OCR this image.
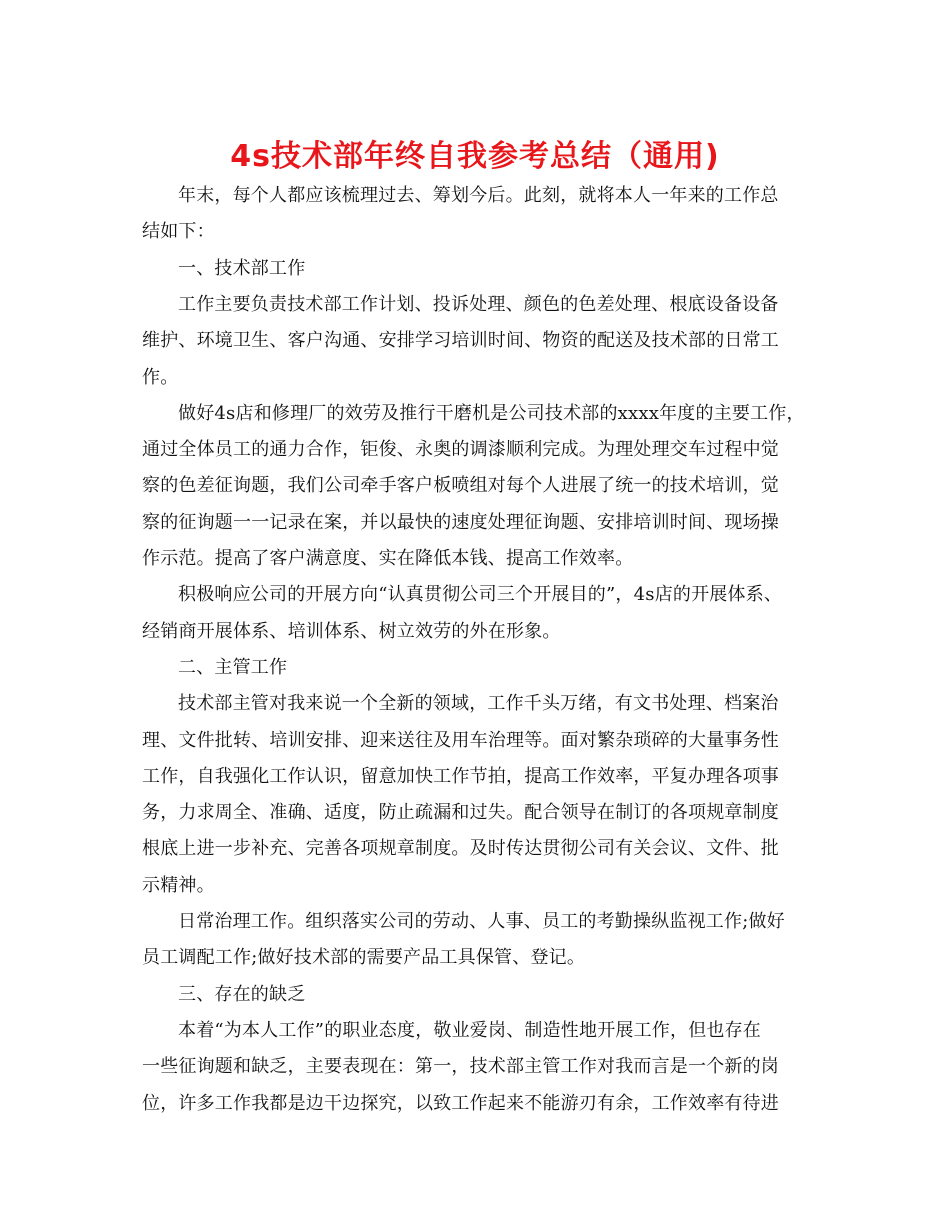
4s技术部年终自我参考总结（通用)
年末，每个人都应该梳理过去、筹划今后。此刻，就将本人一年来的工作总
结如下：
一、技术部工作
工作主要负责技术部工作计划、投诉处理、颜色的色差处理、根底设备设备
维护、环境卫生、客户沟通、安排学习培训时间、物资的配送及技术部的日常工
作。
做好4s店和修理厂的效劳及推行干磨机是公司技术部的xxxx年度的主要工作，
通过全体员工的通力合作，钜俊、永奥的调漆顺利完成。为理处理交车过程中觉
察的色差征询题，我们公司牵手客户板喷组对每个人进展了统一的技术培训，觉
察的征询题一一记录在案，并以最快的速度处理征询题、安排培训时间、现场操
作示范。提高了客户满意度、实在降低本钱、提高工作效率。
积极响应公司的开展方向“认真贯彻公司三个开展目的”，4s店的开展体系、
经销商开展体系、培训体系、树立效劳的外在形象。
二、主管工作
技术部主管对我来说一个全新的领域，工作千头万绪，有文书处理、档案治
理、文件批转、培训安排、迎来送往及用车治理等。面对繁杂琐碎的大量事务性
工作，自我强化工作认识，留意加快工作节拍，提高工作效率，平复办理各项事
务，力求周全、准确、适度，防止疏漏和过失。配合领导在制订的各项规章制度
根底上进一步补充、完善各项规章制度。及时传达贯彻公司有关会议、文件、批
示精神。
日常治理工作。组织落实公司的劳动、人事、员工的考勤操纵监视工作;做好
员工调配工作;做好技术部的需要产品工具保管、登记。
三、存在的缺乏
本着“为本人工作”的职业态度，敬业爱岗、制造性地开展工作，但也存在
一些征询题和缺乏，主要表现在：第一，技术部主管工作对我而言是一个新的岗
位，许多工作我都是边干边探究，以致工作起来不能游刃有余，工作效率有待进
